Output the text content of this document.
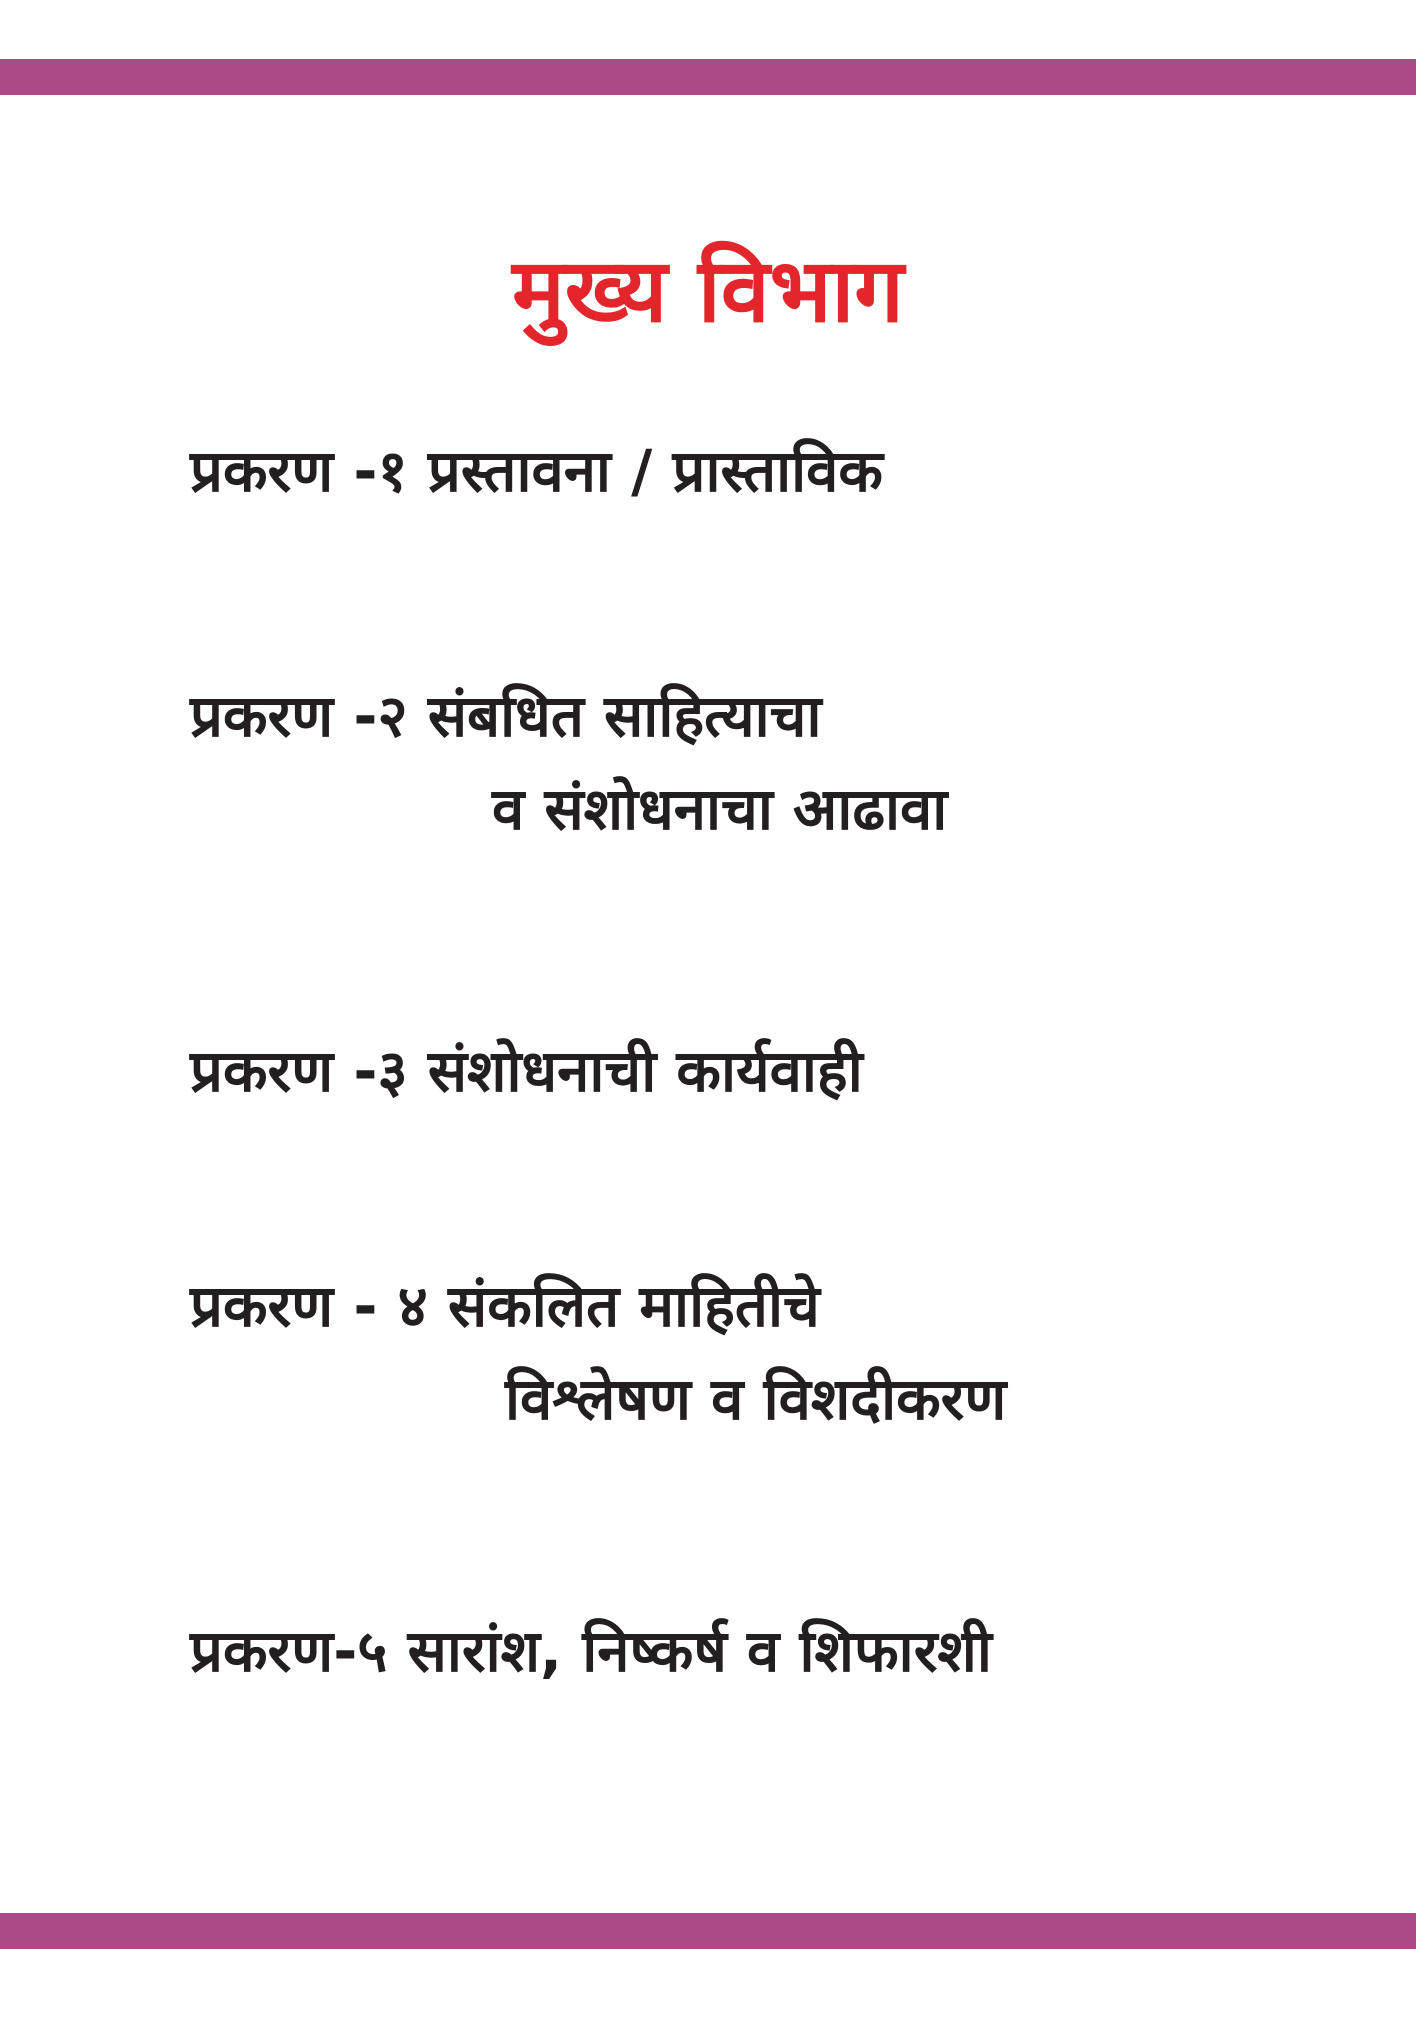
मुख्य विभाग
प्रकरण -१ प्रस्तावना / प्रास्ताविक
प्रकरण -२ संबधित साहित्याचा
व संशोधनाचा आढावा
प्रकरण -३ संशोधनाची कार्यवाही
प्रकरण - ४ संकलित माहितीचे
विश्लेषण व विशदीकरण
प्रकरण-५ सारांश, निष्कर्ष व शिफारशी
